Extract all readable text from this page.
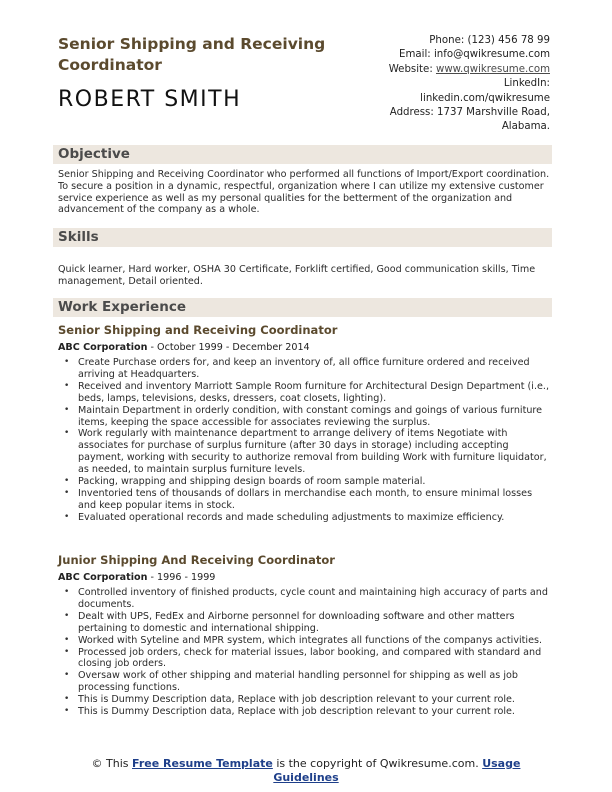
Senior Shipping and Receiving Coordinator
ROBERT SMITH
Phone: (123) 456 78 99
Email: info@qwikresume.com
Website: www.qwikresume.com
LinkedIn:
linkedin.com/qwikresume
Address: 1737 Marshville Road,
Alabama.
Objective
Senior Shipping and Receiving Coordinator who performed all functions of Import/Export coordination. To secure a position in a dynamic, respectful, organization where I can utilize my extensive customer service experience as well as my personal qualities for the betterment of the organization and advancement of the company as a whole.
Skills
Quick learner, Hard worker, OSHA 30 Certificate, Forklift certified, Good communication skills, Time management, Detail oriented.
Work Experience
Senior Shipping and Receiving Coordinator
ABC Corporation - October 1999 - December 2014
• Create Purchase orders for, and keep an inventory of, all office furniture ordered and received arriving at Headquarters.
• Received and inventory Marriott Sample Room furniture for Architectural Design Department (i.e., beds, lamps, televisions, desks, dressers, coat closets, lighting).
• Maintain Department in orderly condition, with constant comings and goings of various furniture items, keeping the space accessible for associates reviewing the surplus.
• Work regularly with maintenance department to arrange delivery of items Negotiate with associates for purchase of surplus furniture (after 30 days in storage) including accepting payment, working with security to authorize removal from building Work with furniture liquidator, as needed, to maintain surplus furniture levels.
• Packing, wrapping and shipping design boards of room sample material.
• Inventoried tens of thousands of dollars in merchandise each month, to ensure minimal losses and keep popular items in stock.
• Evaluated operational records and made scheduling adjustments to maximize efficiency.
Junior Shipping And Receiving Coordinator
ABC Corporation - 1996 - 1999
• Controlled inventory of finished products, cycle count and maintaining high accuracy of parts and documents.
• Dealt with UPS, FedEx and Airborne personnel for downloading software and other matters pertaining to domestic and international shipping.
• Worked with Syteline and MPR system, which integrates all functions of the companys activities.
• Processed job orders, check for material issues, labor booking, and compared with standard and closing job orders.
• Oversaw work of other shipping and material handling personnel for shipping as well as job processing functions.
• This is Dummy Description data, Replace with job description relevant to your current role.
• This is Dummy Description data, Replace with job description relevant to your current role.
© This Free Resume Template is the copyright of Qwikresume.com. Usage Guidelines
